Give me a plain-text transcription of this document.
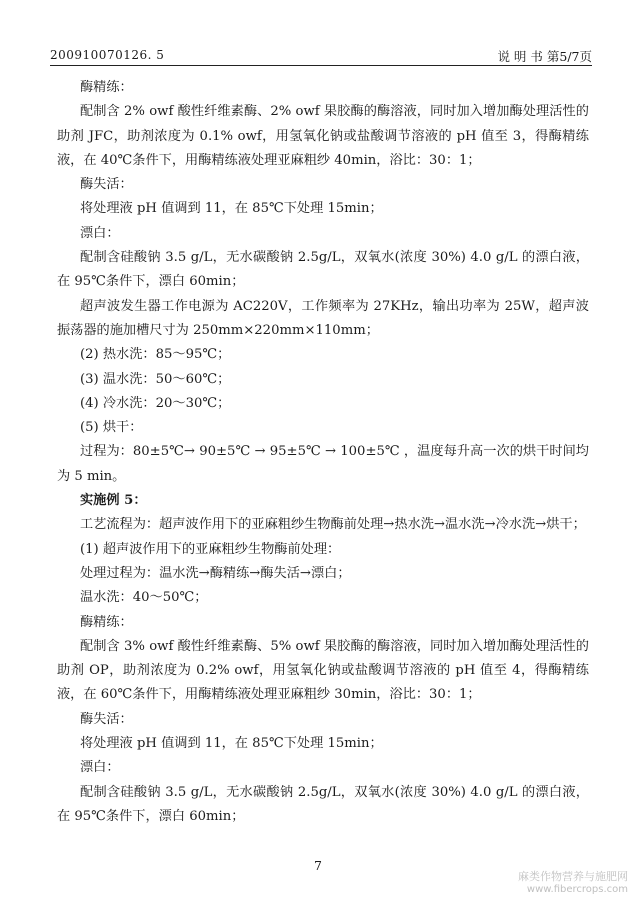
200910070126. 5	说 明 书 第5/7页
酶精练：
配制含 2% owf 酸性纤维素酶、2% owf 果胶酶的酶溶液，同时加入增加酶处理活性的助剂 JFC，助剂浓度为 0.1% owf，用氢氧化钠或盐酸调节溶液的 pH 值至 3，得酶精练液，在 40℃条件下，用酶精练液处理亚麻粗纱 40min，浴比：30：1；
酶失活：
将处理液 pH 值调到 11，在 85℃下处理 15min；
漂白：
配制含硅酸钠 3.5 g/L，无水碳酸钠 2.5g/L，双氧水(浓度 30%) 4.0 g/L 的漂白液，在 95℃条件下，漂白 60min；
超声波发生器工作电源为 AC220V，工作频率为 27KHz，输出功率为 25W，超声波振荡器的施加槽尺寸为 250mm×220mm×110mm；
(2) 热水洗：85～95℃；
(3) 温水洗：50～60℃；
(4) 冷水洗：20～30℃；
(5) 烘干：
过程为：80±5℃→ 90±5℃ → 95±5℃ → 100±5℃ ，温度每升高一次的烘干时间均为 5 min。
实施例 5：
工艺流程为：超声波作用下的亚麻粗纱生物酶前处理→热水洗→温水洗→冷水洗→烘干；
(1) 超声波作用下的亚麻粗纱生物酶前处理：
处理过程为：温水洗→酶精练→酶失活→漂白；
温水洗：40～50℃；
酶精练：
配制含 3% owf 酸性纤维素酶、5% owf 果胶酶的酶溶液，同时加入增加酶处理活性的助剂 OP，助剂浓度为 0.2% owf，用氢氧化钠或盐酸调节溶液的 pH 值至 4，得酶精练液，在 60℃条件下，用酶精练液处理亚麻粗纱 30min，浴比：30：1；
酶失活：
将处理液 pH 值调到 11，在 85℃下处理 15min；
漂白：
配制含硅酸钠 3.5 g/L，无水碳酸钠 2.5g/L，双氧水(浓度 30%) 4.0 g/L 的漂白液，在 95℃条件下，漂白 60min；
7
麻类作物营养与施肥网
www.fibercrops.com
